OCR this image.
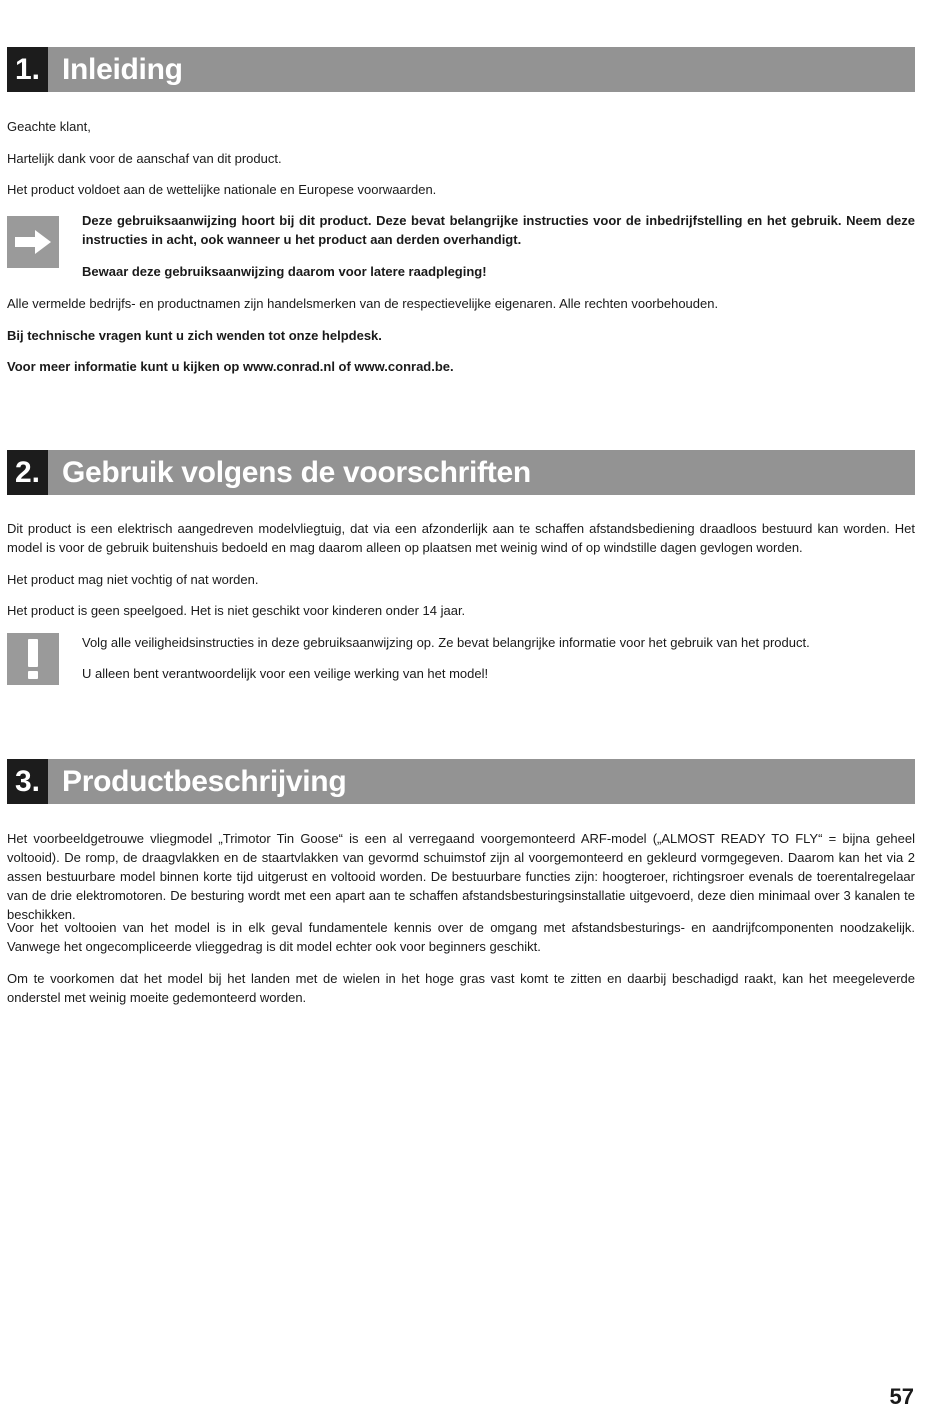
1. Inleiding

Geachte klant,

Hartelijk dank voor de aanschaf van dit product.

Het product voldoet aan de wettelijke nationale en Europese voorwaarden.

Deze gebruiksaanwijzing hoort bij dit product. Deze bevat belangrijke instructies voor de inbedrijfstelling en het gebruik. Neem deze instructies in acht, ook wanneer u het product aan derden overhandigt.

Bewaar deze gebruiksaanwijzing daarom voor latere raadpleging!

Alle vermelde bedrijfs- en productnamen zijn handelsmerken van de respectievelijke eigenaren. Alle rechten voorbehouden.

Bij technische vragen kunt u zich wenden tot onze helpdesk.

Voor meer informatie kunt u kijken op www.conrad.nl of www.conrad.be.

2. Gebruik volgens de voorschriften

Dit product is een elektrisch aangedreven modelvliegtuig, dat via een afzonderlijk aan te schaffen afstandsbediening draadloos bestuurd kan worden. Het model is voor de gebruik buitenshuis bedoeld en mag daarom alleen op plaatsen met weinig wind of op windstille dagen gevlogen worden.

Het product mag niet vochtig of nat worden.

Het product is geen speelgoed. Het is niet geschikt voor kinderen onder 14 jaar.

Volg alle veiligheidsinstructies in deze gebruiksaanwijzing op. Ze bevat belangrijke informatie voor het gebruik van het product.

U alleen bent verantwoordelijk voor een veilige werking van het model!

3. Productbeschrijving

Het voorbeeldgetrouwe vliegmodel „Trimotor Tin Goose“ is een al verregaand voorgemonteerd ARF-model („ALMOST READY TO FLY“ = bijna geheel voltooid). De romp, de draagvlakken en de staartvlakken van gevormd schuimstof zijn al voorgemonteerd en gekleurd vormgegeven. Daarom kan het via 2 assen bestuurbare model binnen korte tijd uitgerust en voltooid worden. De bestuurbare functies zijn: hoogteroer, richtingsroer evenals de toerentalregelaar van de drie elektromotoren. De besturing wordt met een apart aan te schaffen afstandsbesturingsinstallatie uitgevoerd, deze dien minimaal over 3 kanalen te beschikken.

Voor het voltooien van het model is in elk geval fundamentele kennis over de omgang met afstandsbesturings- en aandrijfcomponenten noodzakelijk. Vanwege het ongecompliceerde vlieggedrag is dit model echter ook voor beginners geschikt.

Om te voorkomen dat het model bij het landen met de wielen in het hoge gras vast komt te zitten en daarbij beschadigd raakt, kan het meegeleverde onderstel met weinig moeite gedemonteerd worden.

57
